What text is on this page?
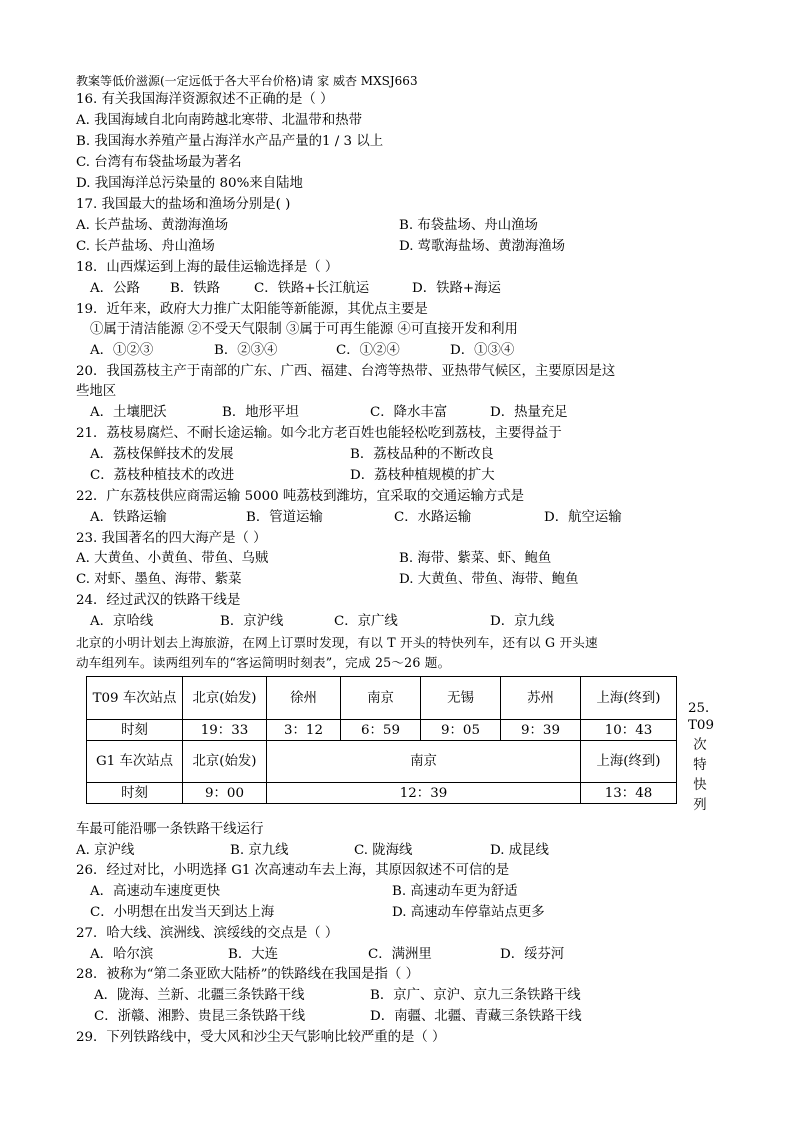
教案等低价滋源(一定远低于各大平台价格)请 家 威杏 MXSJ663
16. 有关我国海洋资源叙述不正确的是（ ）
A. 我国海域自北向南跨越北寒带、北温带和热带
B. 我国海水养殖产量占海洋水产品产量的1 / 3 以上
C. 台湾有布袋盐场最为著名
D. 我国海洋总污染量的 80%来自陆地
17. 我国最大的盐场和渔场分别是( )
A. 长芦盐场、黄渤海渔场	B. 布袋盐场、舟山渔场
C. 长芦盐场、舟山渔场	D. 莺歌海盐场、黄渤海渔场
18．山西煤运到上海的最佳运输选择是（ ）
A．公路 B．铁路	C．铁路+长江航运	D．铁路+海运
19．近年来，政府大力推广太阳能等新能源，其优点主要是
①属于清洁能源 ②不受天气限制 ③属于可再生能源 ④可直接开发和利用
A．①②③	B．②③④	C．①②④	D．①③④
20．我国荔枝主产于南部的广东、广西、福建、台湾等热带、亚热带气候区，主要原因是这
些地区
A．土壤肥沃	B．地形平坦	C．降水丰富	D．热量充足
21．荔枝易腐烂、不耐长途运输。如今北方老百姓也能轻松吃到荔枝，主要得益于
A．荔枝保鲜技术的发展	B．荔枝品种的不断改良
C．荔枝种植技术的改进	D．荔枝种植规模的扩大
22．广东荔枝供应商需运输 5000 吨荔枝到潍坊，宜采取的交通运输方式是
A．铁路运输	B．管道运输	C．水路运输	D．航空运输
23. 我国著名的四大海产是（ ）
A. 大黄鱼、小黄鱼、带鱼、乌贼	B. 海带、紫菜、虾、鲍鱼
C. 对虾、墨鱼、海带、紫菜	D. 大黄鱼、带鱼、海带、鲍鱼
24．经过武汉的铁路干线是
A．京哈线	B．京沪线	C．京广线	D．京九线
北京的小明计划去上海旅游，在网上订票时发现，有以 T 开头的特快列车，还有以 G 开头速
动车组列车。读两组列车的“客运简明时刻表”，完成 25～26 题。
T09 车次站点	北京(始发)	徐州	南京	无锡	苏州	上海(终到)
时刻	19：33	3：12	6：59	9：05	9：39	10：43
G1 车次站点	北京(始发)	南京				上海(终到)
时刻	9：00	12：39				13：48
25．
T09次特快列
车最可能沿哪一条铁路干线运行
A. 京沪线	B. 京九线	C. 陇海线	D. 成昆线
26．经过对比，小明选择 G1 次高速动车去上海，其原因叙述不可信的是
A．高速动车速度更快	B. 高速动车更为舒适
C．小明想在出发当天到达上海	D. 高速动车停靠站点更多
27．哈大线、滨洲线、滨绥线的交点是（ ）
A．哈尔滨	B．大连	C．满洲里	D．绥芬河
28．被称为“第二条亚欧大陆桥”的铁路线在我国是指（ ）
A．陇海、兰新、北疆三条铁路干线	B．京广、京沪、京九三条铁路干线
C．浙赣、湘黔、贵昆三条铁路干线	D．南疆、北疆、青藏三条铁路干线
29．下列铁路线中，受大风和沙尘天气影响比较严重的是（ ）
